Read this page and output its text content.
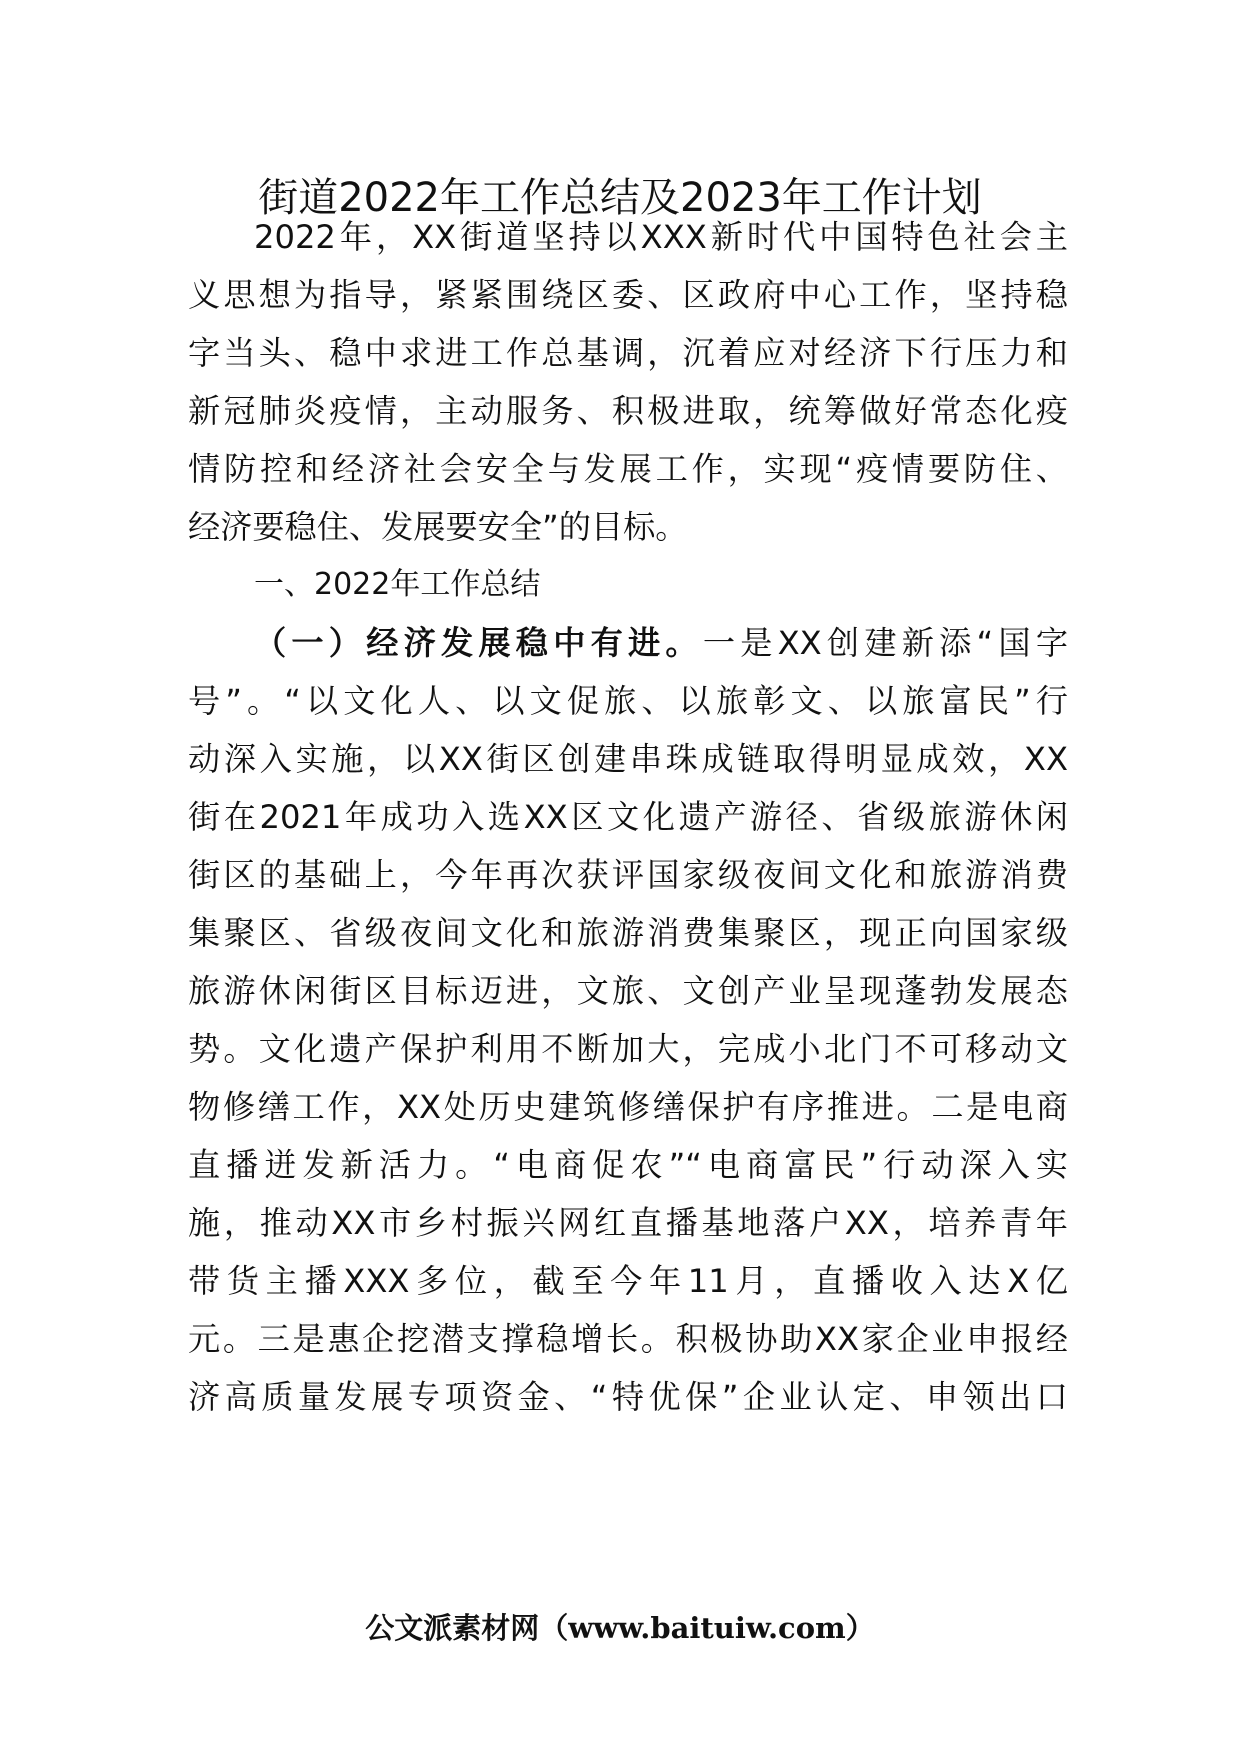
街道2022年工作总结及2023年工作计划

2022年，XX街道坚持以XXX新时代中国特色社会主

义思想为指导，紧紧围绕区委、区政府中心工作，坚持稳

字当头、稳中求进工作总基调，沉着应对经济下行压力和

新冠肺炎疫情，主动服务、积极进取，统筹做好常态化疫

情防控和经济社会安全与发展工作，实现“疫情要防住、

经济要稳住、发展要安全”的目标。

一、2022年工作总结

（一）经济发展稳中有进。一是XX创建新添“国字

号”。“以文化人、以文促旅、以旅彰文、以旅富民”行

动深入实施，以XX街区创建串珠成链取得明显成效，XX

街在2021年成功入选XX区文化遗产游径、省级旅游休闲

街区的基础上，今年再次获评国家级夜间文化和旅游消费

集聚区、省级夜间文化和旅游消费集聚区，现正向国家级

旅游休闲街区目标迈进，文旅、文创产业呈现蓬勃发展态

势。文化遗产保护利用不断加大，完成小北门不可移动文

物修缮工作，XX处历史建筑修缮保护有序推进。二是电商

直播迸发新活力。“电商促农”“电商富民”行动深入实

施，推动XX市乡村振兴网红直播基地落户XX，培养青年

带货主播XXX多位，截至今年11月，直播收入达X亿

元。三是惠企挖潜支撑稳增长。积极协助XX家企业申报经

济高质量发展专项资金、“特优保”企业认定、申领出口

公文派素材网（www.baituiw.com）
